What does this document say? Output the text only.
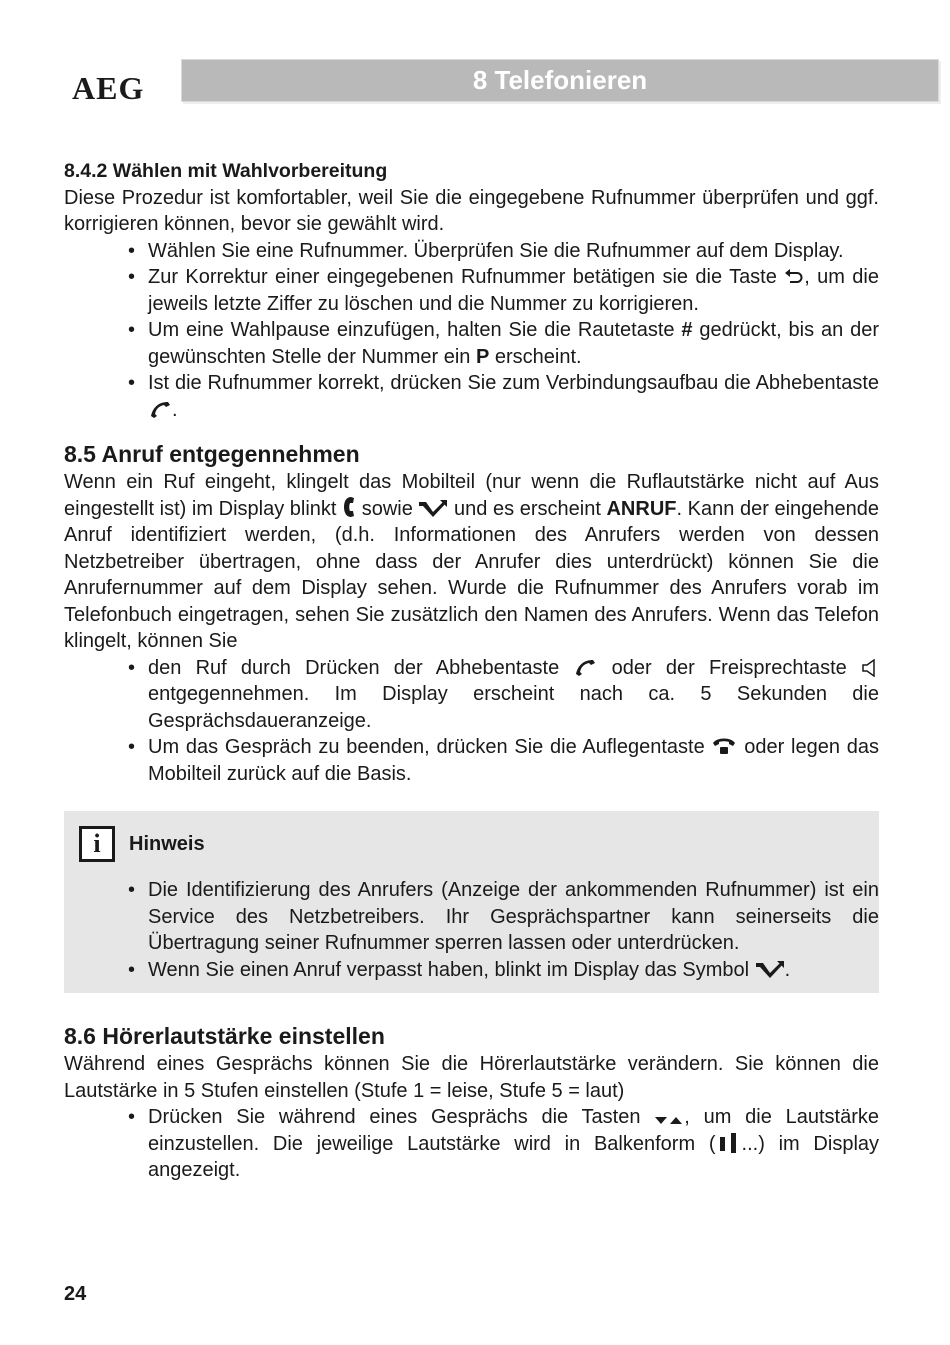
AEG	8 Telefonieren
8.4.2 Wählen mit Wahlvorbereitung

Diese Prozedur ist komfortabler, weil Sie die eingegebene Rufnummer überprüfen und ggf. korrigieren können, bevor sie gewählt wird.

• Wählen Sie eine Rufnummer. Überprüfen Sie die Rufnummer auf dem Display.
• Zur Korrektur einer eingegebenen Rufnummer betätigen sie die Taste , um die jeweils letzte Ziffer zu löschen und die Nummer zu korrigieren.
• Um eine Wahlpause einzufügen, halten Sie die Rautetaste # gedrückt, bis an der gewünschten Stelle der Nummer ein P erscheint.
• Ist die Rufnummer korrekt, drücken Sie zum Verbindungsaufbau die Abhebentaste .
8.5 Anruf entgegennehmen

Wenn ein Ruf eingeht, klingelt das Mobilteil (nur wenn die Ruflautstärke nicht auf Aus eingestellt ist) im Display blinkt  sowie  und es erscheint ANRUF. Kann der eingehende Anruf identifiziert werden, (d.h. Informationen des Anrufers werden von dessen Netzbetreiber übertragen, ohne dass der Anrufer dies unterdrückt) können Sie die Anrufernummer auf dem Display sehen. Wurde die Rufnummer des Anrufers vorab im Telefonbuch eingetragen, sehen Sie zusätzlich den Namen des Anrufers. Wenn das Telefon klingelt, können Sie

• den Ruf durch Drücken der Abhebentaste  oder der Freisprechtaste  entgegennehmen. Im Display erscheint nach ca. 5 Sekunden die Gesprächsdaueranzeige.
• Um das Gespräch zu beenden, drücken Sie die Auflegentaste  oder legen das Mobilteil zurück auf die Basis.
i	Hinweis
• Die Identifizierung des Anrufers (Anzeige der ankommenden Rufnummer) ist ein Service des Netzbetreibers. Ihr Gesprächspartner kann seinerseits die Übertragung seiner Rufnummer sperren lassen oder unterdrücken.
• Wenn Sie einen Anruf verpasst haben, blinkt im Display das Symbol .
8.6 Hörerlautstärke einstellen

Während eines Gesprächs können Sie die Hörerlautstärke verändern. Sie können die Lautstärke in 5 Stufen einstellen (Stufe 1 = leise, Stufe 5 = laut)

• Drücken Sie während eines Gesprächs die Tasten , um die Lautstärke einzustellen. Die jeweilige Lautstärke wird in Balkenform ( ...) im Display angezeigt.
24
